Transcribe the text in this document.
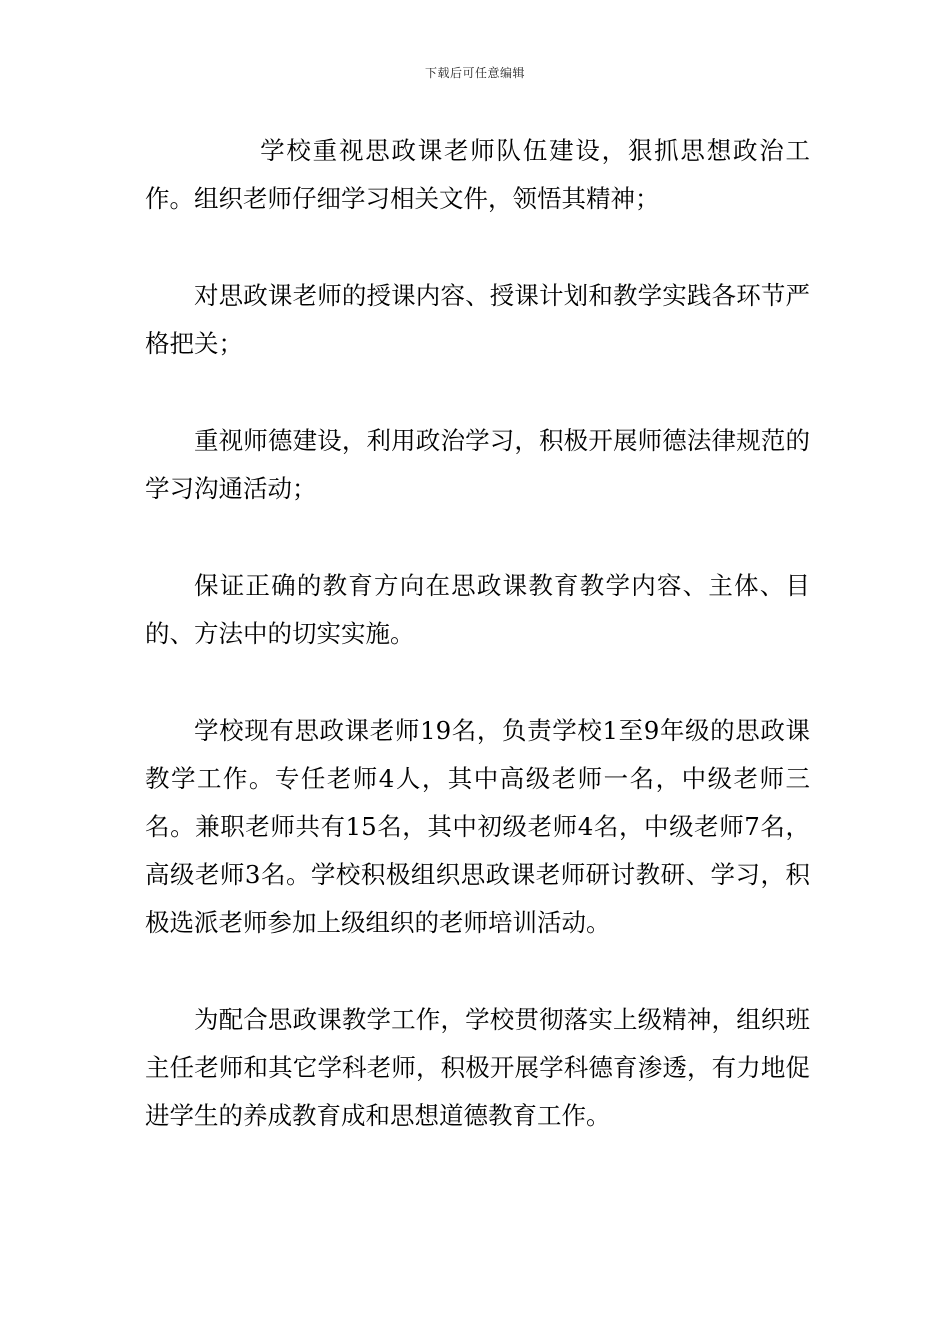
下载后可任意编辑

学校重视思政课老师队伍建设，狠抓思想政治工作。组织老师仔细学习相关文件，领悟其精神；

对思政课老师的授课内容、授课计划和教学实践各环节严格把关；

重视师德建设，利用政治学习，积极开展师德法律规范的学习沟通活动；

保证正确的教育方向在思政课教育教学内容、主体、目的、方法中的切实实施。

学校现有思政课老师19名，负责学校1至9年级的思政课教学工作。专任老师4人，其中高级老师一名，中级老师三名。兼职老师共有15名，其中初级老师4名，中级老师7名，高级老师3名。学校积极组织思政课老师研讨教研、学习，积极选派老师参加上级组织的老师培训活动。

为配合思政课教学工作，学校贯彻落实上级精神，组织班主任老师和其它学科老师，积极开展学科德育渗透，有力地促进学生的养成教育成和思想道德教育工作。
